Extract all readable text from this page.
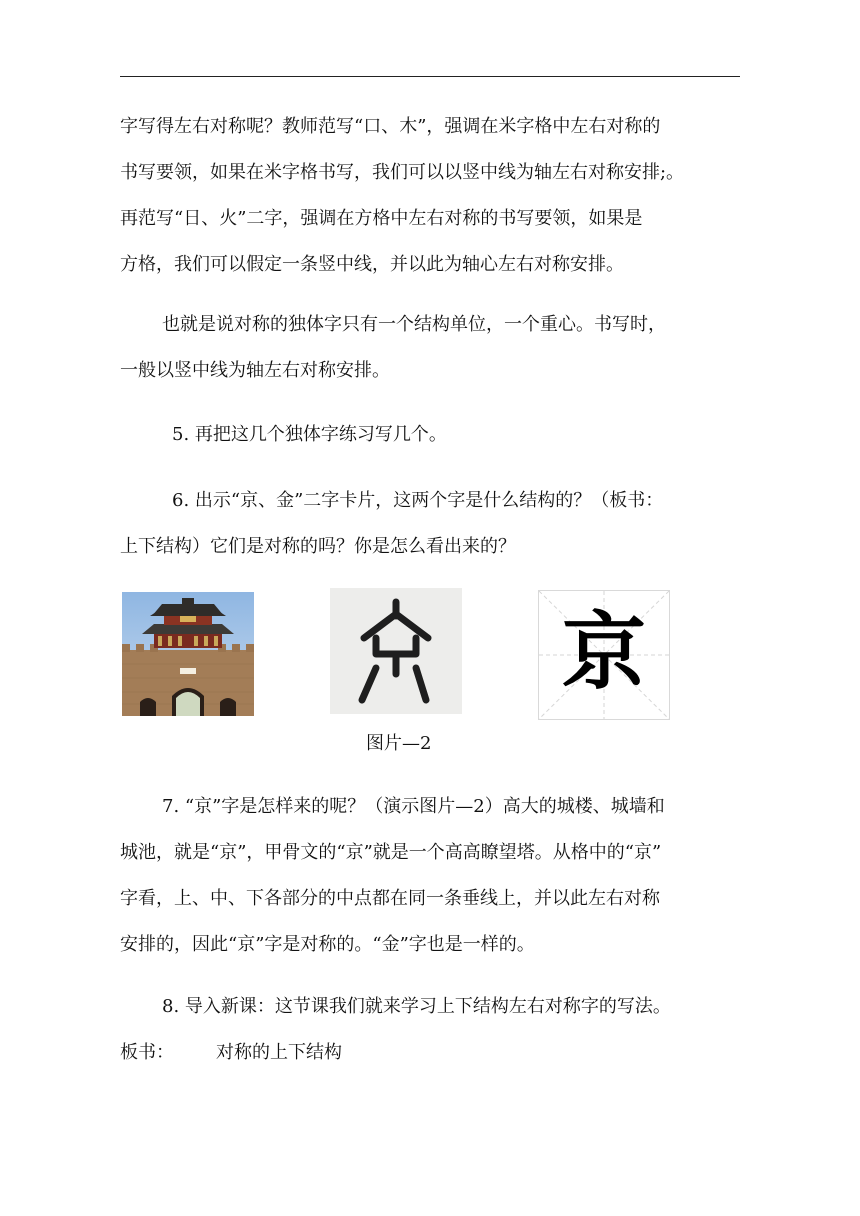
字写得左右对称呢？教师范写“口、木”，强调在米字格中左右对称的
书写要领，如果在米字格书写，我们可以以竖中线为轴左右对称安排;。
再范写“日、火”二字，强调在方格中左右对称的书写要领，如果是
方格，我们可以假定一条竖中线，并以此为轴心左右对称安排。
也就是说对称的独体字只有一个结构单位，一个重心。书写时，
一般以竖中线为轴左右对称安排。
5. 再把这几个独体字练习写几个。
6. 出示“京、金”二字卡片，这两个字是什么结构的？（板书：
上下结构）它们是对称的吗？你是怎么看出来的？
京
图片—2
7. “京”字是怎样来的呢？（演示图片—2）高大的城楼、城墙和
城池，就是“京”，甲骨文的“京”就是一个高高瞭望塔。从格中的“京”
字看，上、中、下各部分的中点都在同一条垂线上，并以此左右对称
安排的，因此“京”字是对称的。“金”字也是一样的。
8. 导入新课：这节课我们就来学习上下结构左右对称字的写法。
板书： 对称的上下结构
